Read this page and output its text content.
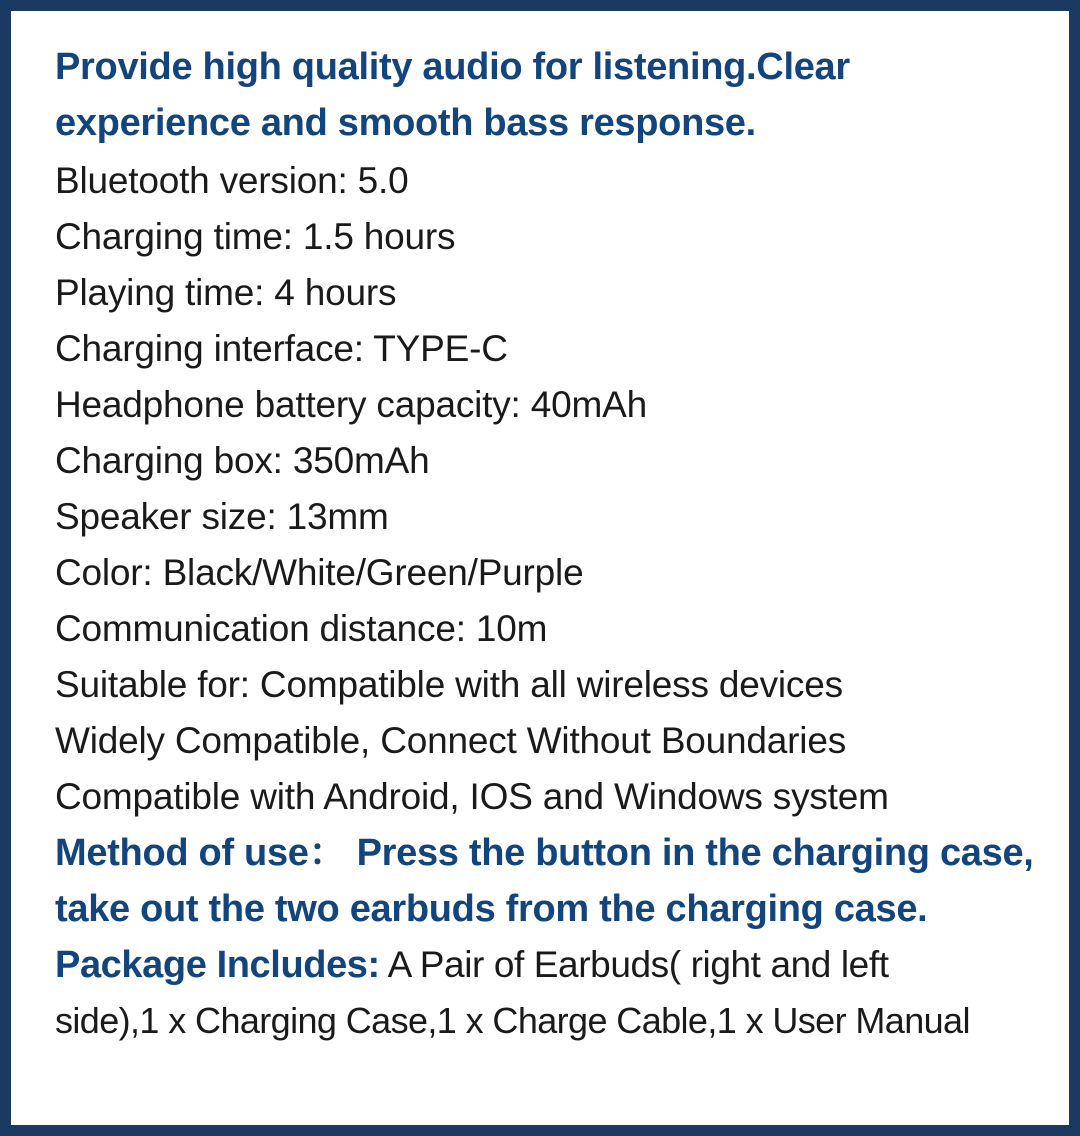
Provide high quality audio for listening.Clear experience and smooth bass response.
Bluetooth version: 5.0
Charging time: 1.5 hours
Playing time: 4 hours
Charging interface: TYPE-C
Headphone battery capacity: 40mAh
Charging box: 350mAh
Speaker size: 13mm
Color: Black/White/Green/Purple
Communication distance: 10m
Suitable for: Compatible with all wireless devices
Widely Compatible, Connect Without Boundaries
Compatible with Android, IOS and Windows system
Method of use： Press the button in the charging case, take out the two earbuds from the charging case.
Package Includes: A Pair of Earbuds( right and left
side),1 x Charging Case,1 x Charge Cable,1 x User Manual
